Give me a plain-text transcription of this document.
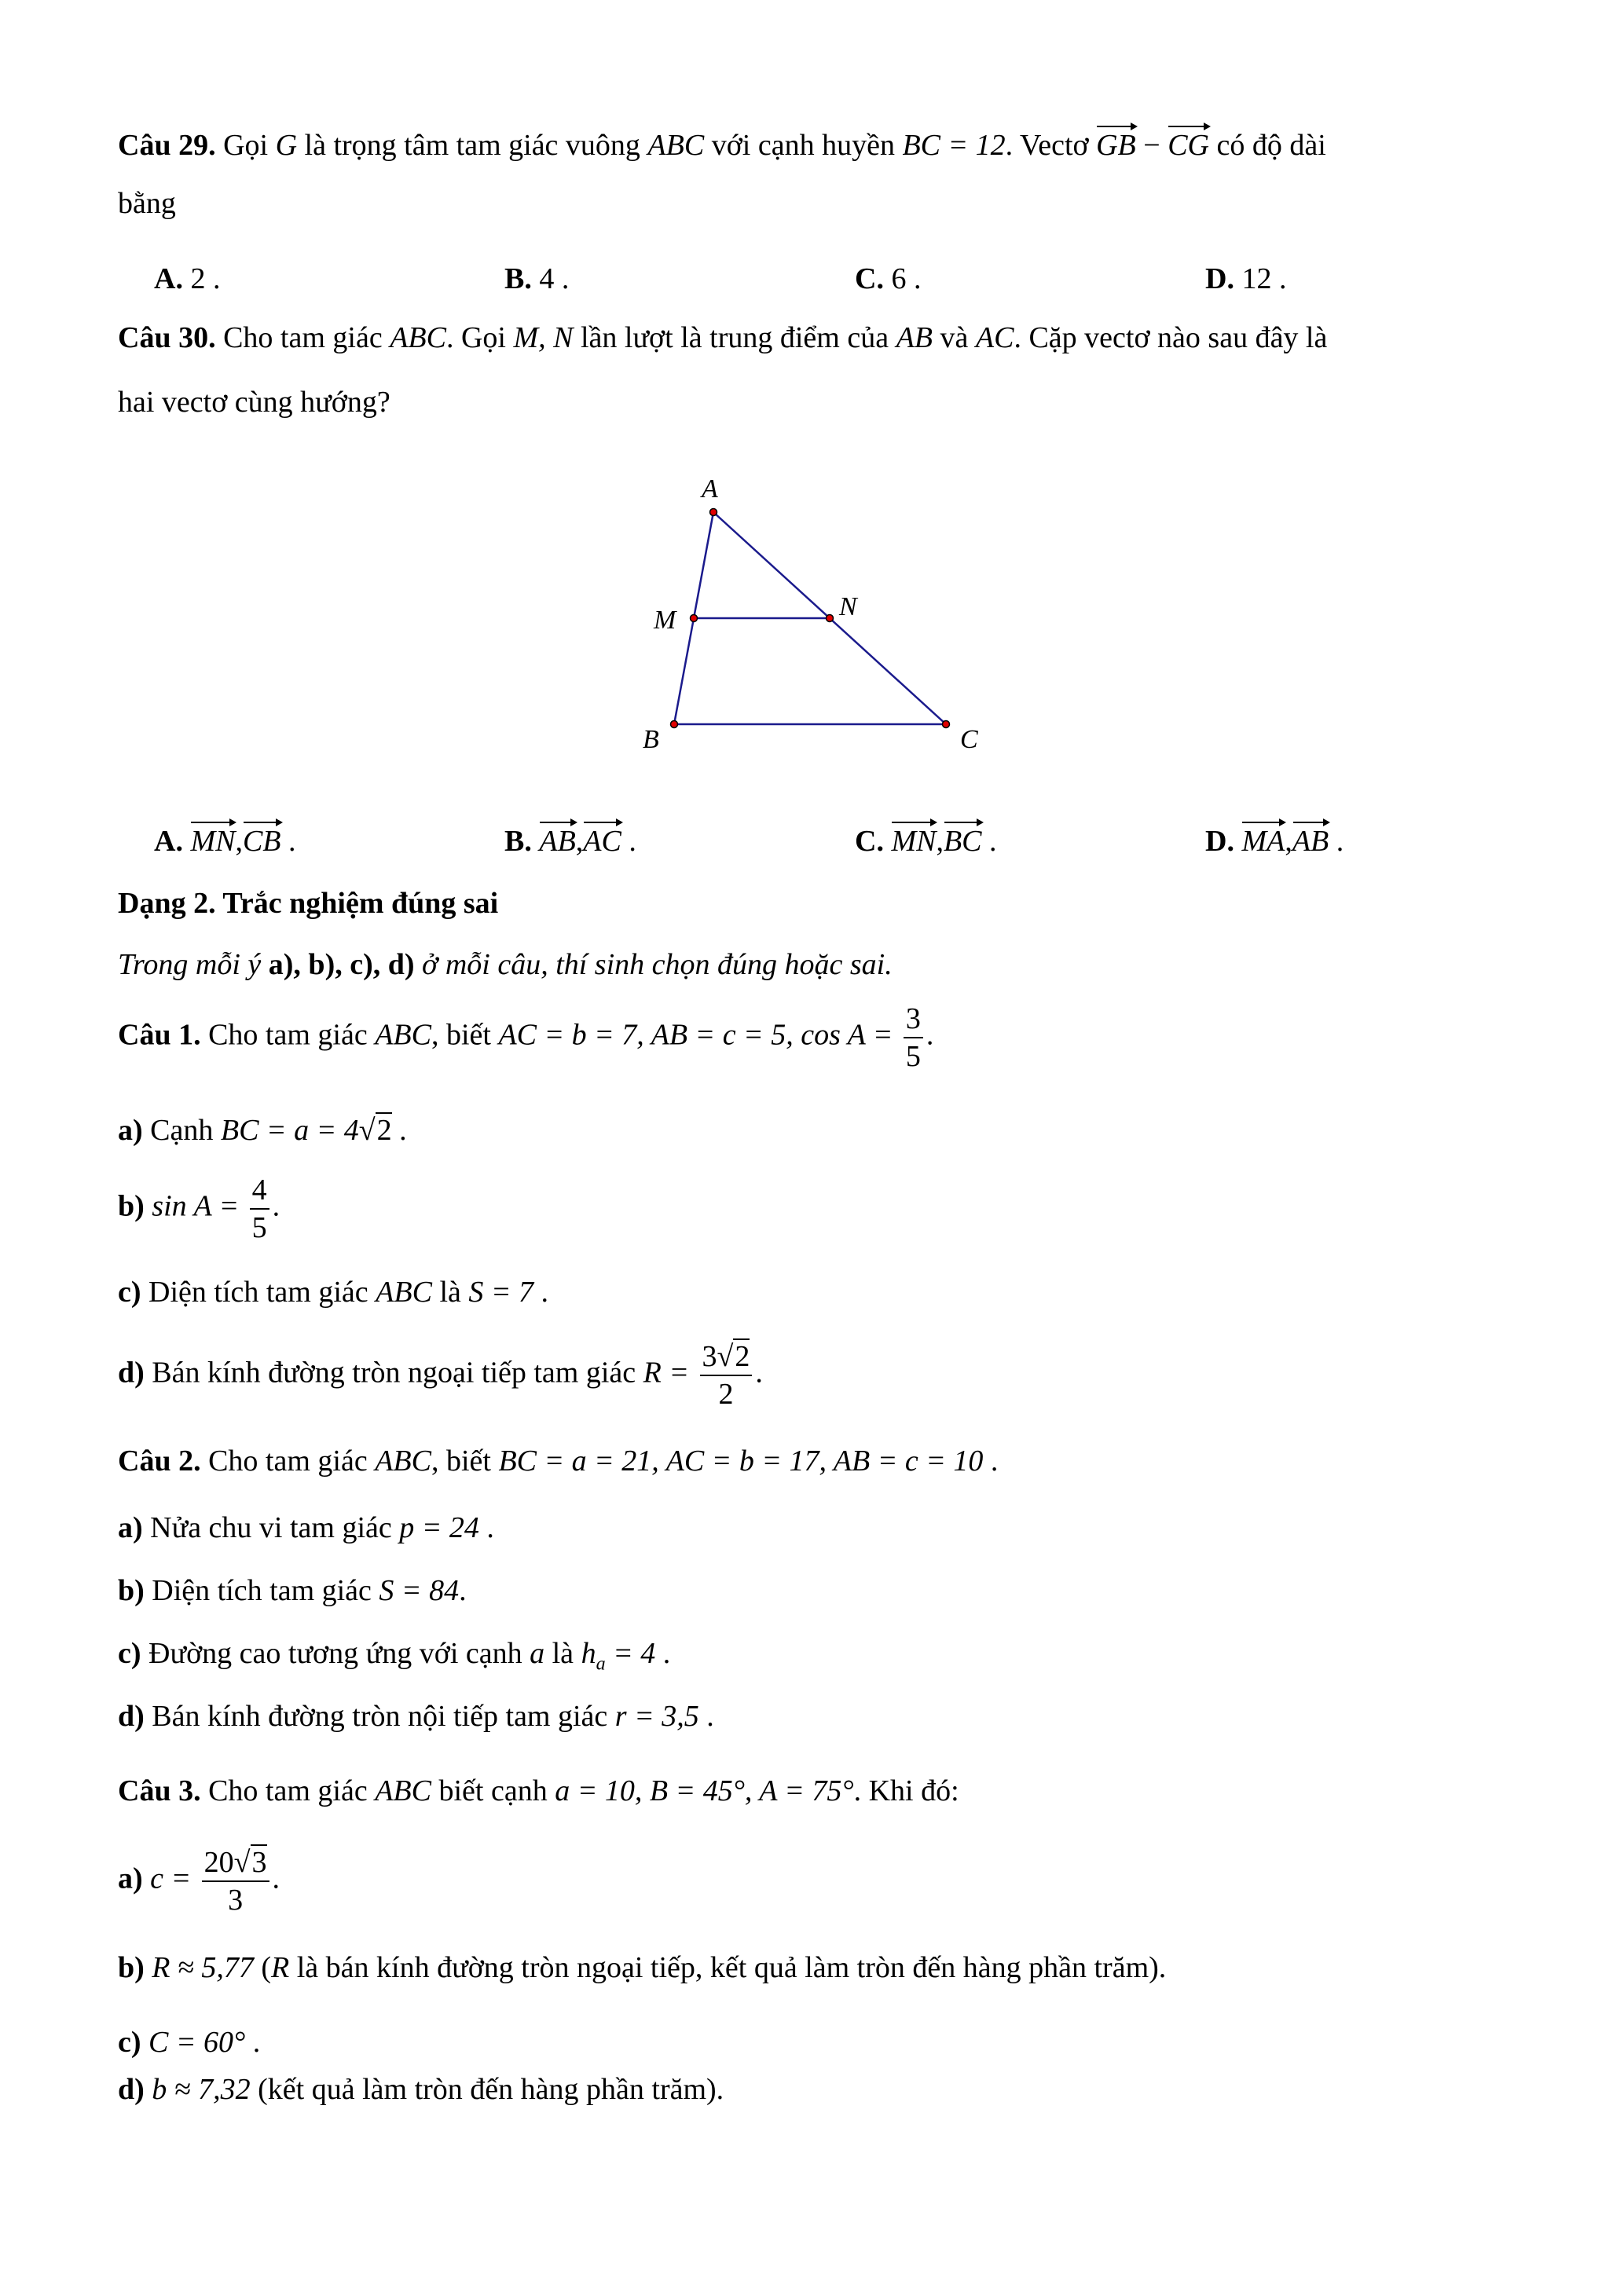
Câu 29. Gọi G là trọng tâm tam giác vuông ABC với cạnh huyền BC = 12. Vectơ GB − CG có độ dài
bằng
A. 2 .	B. 4 .	C. 6 .	D. 12 .
Câu 30. Cho tam giác ABC. Gọi M, N lần lượt là trung điểm của AB và AC. Cặp vectơ nào sau đây là
hai vectơ cùng hướng?
A
M	N
B	C
A. MN,CB .	B. AB,AC .	C. MN,BC .	D. MA,AB .
Dạng 2. Trắc nghiệm đúng sai
Trong mỗi ý a), b), c), d) ở mỗi câu, thí sinh chọn đúng hoặc sai.
Câu 1. Cho tam giác ABC, biết AC = b = 7, AB = c = 5, $\cos A = \frac{3}{5}$ .
a) Cạnh BC = a = 4√2 .
b) $\sin A = \frac{4}{5}$ .
c) Diện tích tam giác ABC là S = 7 .
d) Bán kính đường tròn ngoại tiếp tam giác $R = \frac{3√2}{2}$ .
Câu 2. Cho tam giác ABC, biết BC = a = 21, AC = b = 17, AB = c = 10 .
a) Nửa chu vi tam giác p = 24 .
b) Diện tích tam giác S = 84.
c) Đường cao tương ứng với cạnh a là $h_a = 4$ .
d) Bán kính đường tròn nội tiếp tam giác r = 3,5 .
Câu 3. Cho tam giác ABC biết cạnh a = 10, B = 45°, A = 75°. Khi đó:
a) $c = \frac{20√3}{3}$ .
b) R ≈ 5,77 (R là bán kính đường tròn ngoại tiếp, kết quả làm tròn đến hàng phần trăm).
c) C = 60° .
d) b ≈ 7,32 (kết quả làm tròn đến hàng phần trăm).
